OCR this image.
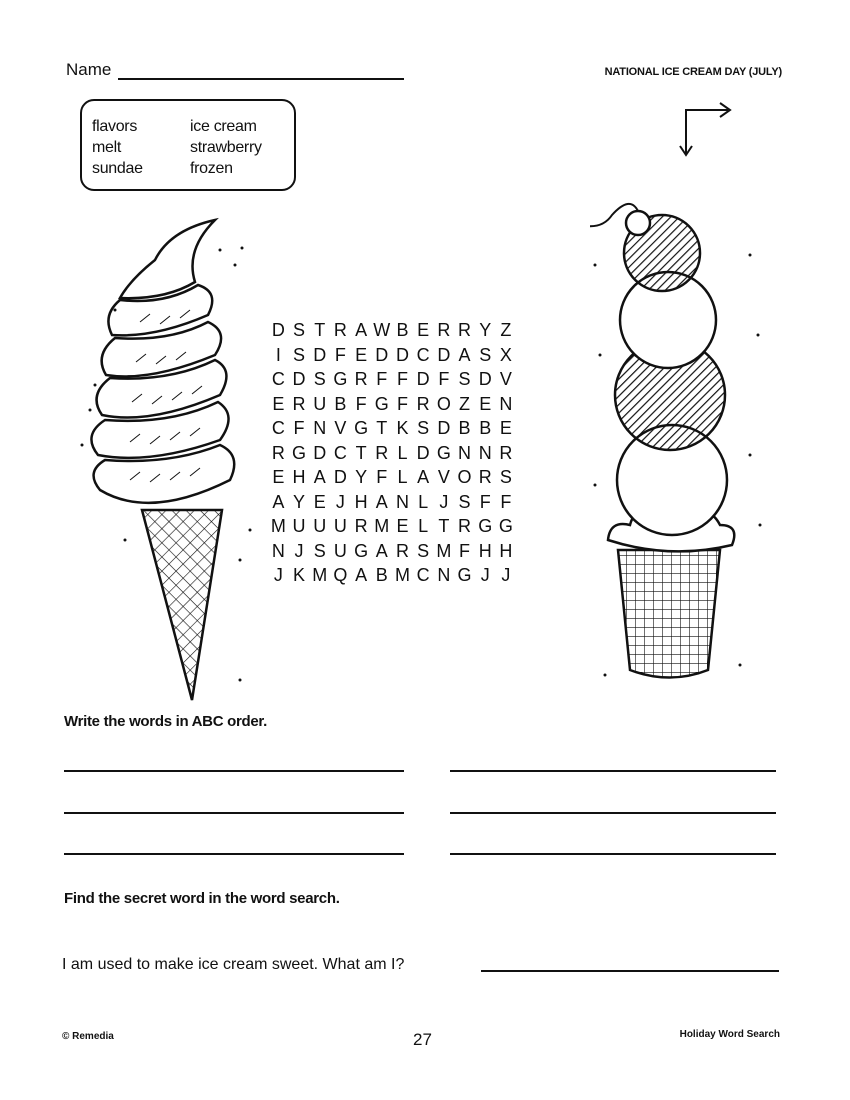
Name	NATIONAL ICE CREAM DAY (JULY)
flavors
melt
sundae
ice cream
strawberry
frozen
D S T R A W B E R R Y Z
I S D F E D D C D A S X
C D S G R F F D F S D V
E R U B F G F R O Z E N
C F N V G T K S D B B E
R G D C T R L D G N N R
E H A D Y F L A V O R S
A Y E J H A N L J S F F
M U U U R M E L T R G G
N J S U G A R S M F H H
J K M Q A B M C N G J J
Write the words in ABC order.
Find the secret word in the word search.
I am used to make ice cream sweet. What am I?
© Remedia	27	Holiday Word Search
